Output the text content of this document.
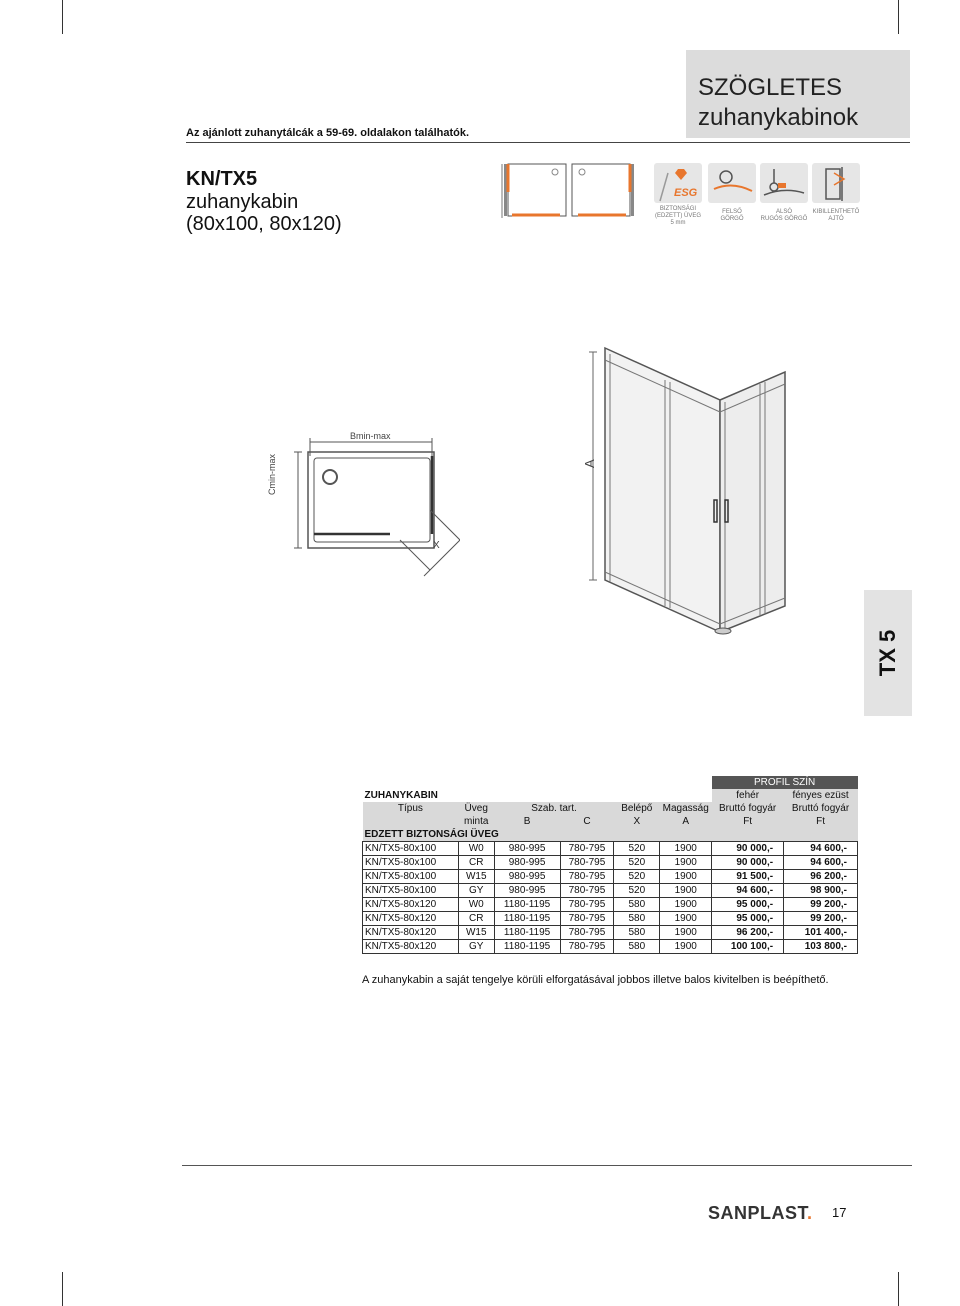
SZÖGLETES
zuhanykabinok
Az ajánlott zuhanytálcák a 59-69. oldalakon találhatók.
KN/TX5
zuhanykabin
(80x100, 80x120)
ESG
BIZTONSÁGI
(EDZETT) ÜVEG
5 mm
FELSŐ
GÖRGŐ
ALSÓ
RUGÓS GÖRGŐ
KIBILLENTHETŐ
AJTÓ
Bmin-max
Cmin-max
X
A
TX 5
						PROFIL SZÍN	
ZUHANYKABIN						fehér	fényes ezüst
Típus	Üveg	Szab. tart.		Belépő	Magasság	Bruttó fogyár	Bruttó fogyár
	minta	B	C	X	A	Ft	Ft
EDZETT BIZTONSÁGI ÜVEG							
KN/TX5-80x100	W0	980-995	780-795	520	1900	90 000,-	94 600,-
KN/TX5-80x100	CR	980-995	780-795	520	1900	90 000,-	94 600,-
KN/TX5-80x100	W15	980-995	780-795	520	1900	91 500,-	96 200,-
KN/TX5-80x100	GY	980-995	780-795	520	1900	94 600,-	98 900,-
KN/TX5-80x120	W0	1180-1195	780-795	580	1900	95 000,-	99 200,-
KN/TX5-80x120	CR	1180-1195	780-795	580	1900	95 000,-	99 200,-
KN/TX5-80x120	W15	1180-1195	780-795	580	1900	96 200,-	101 400,-
KN/TX5-80x120	GY	1180-1195	780-795	580	1900	100 100,-	103 800,-
A zuhanykabin a saját tengelye körüli elforgatásával jobbos illetve balos kivitelben is beépíthető.
SANPLAST. 17
